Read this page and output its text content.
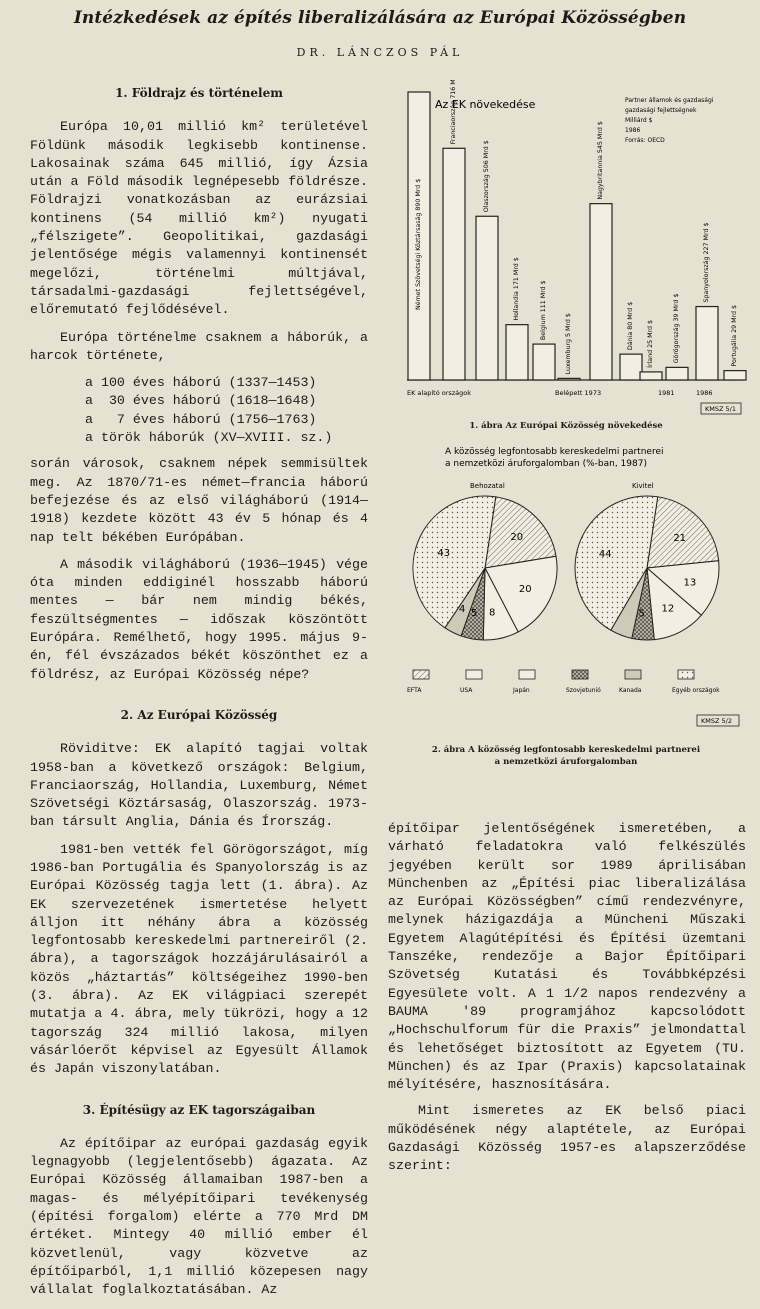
Intézkedések az építés liberalizálására az Európai Közösségben
DR. LÁNCZOS PÁL
1. Földrajz és történelem

Európa 10,01 millió km² területével Földünk második legkisebb kontinense. Lakosainak száma 645 millió, így Ázsia után a Föld második legnépesebb földrésze. Földrajzi vonatkozásban az eurázsiai kontinens (54 millió km²) nyugati „félszigete”. Geopolitikai, gazdasági jelentősége mégis valamennyi kontinensét megelőzi, történelmi múltjával, társadalmi-gazdasági fejlettségével, előremutató fejlődésével.

Európa történelme csaknem a háborúk, a harcok története,

a 100 éves háború (1337—1453)
a  30 éves háború (1618—1648)
a   7 éves háború (1756—1763)
a török háborúk (XV—XVIII. sz.)

során városok, csaknem népek semmisültek meg. Az 1870/71-es német—francia háború befejezése és az első világháború (1914—1918) kezdete között 43 év 5 hónap és 4 nap telt békében Európában.

A második világháború (1936—1945) vége óta minden eddiginél hosszabb háború mentes — bár nem mindig békés, feszültségmentes — időszak köszöntött Európára. Remélhető, hogy 1995. május 9-én, fél évszázados békét köszönthet ez a földrész, az Európai Közösség népe?

2. Az Európai Közösség

Röviditve: EK alapító tagjai voltak 1958-ban a következő országok: Belgium, Franciaország, Hollandia, Luxemburg, Német Szövetségi Köztársaság, Olaszország. 1973-ban társult Anglia, Dánia és Írország.

1981-ben vették fel Görögországot, míg 1986-ban Portugália és Spanyolország is az Európai Közösség tagja lett (1. ábra). Az EK szervezetének ismertetése helyett álljon itt néhány ábra a közösség legfontosabb kereskedelmi partnereiről (2. ábra), a tagországok hozzájárulásairól a közös „háztartás” költségeihez 1990-ben (3. ábra). Az EK világpiaci szerepét mutatja a 4. ábra, mely tükrözi, hogy a 12 tagország 324 millió lakosa, milyen vásárlóerőt képvisel az Egyesült Államok és Japán viszonylatában.

3. Építésügy az EK tagországaiban

Az építőipar az európai gazdaság egyik legnagyobb (legjelentősebb) ágazata. Az Európai Közösség államaiban 1987-ben a magas- és mélyépítőipari tevékenység (építési forgalom) elérte a 770 Mrd DM értéket. Mintegy 40 millió ember él közvetlenül, vagy közvetve az építőiparból, 1,1 millió közepesen nagy vállalat foglalkoztatásában. Az

Az EK növekedése	Partner államok és gazdasági
gazdasági fejlettségnek
Milliárd $
1986
Forrás: OECD
Német Szövetségi Köztársaság 890 Mrd $
Franciaország 716 Mrd $
Olaszország 506 Mrd $
Hollandia 171 Mrd $	Belgium 111 Mrd $
Luxemburg 5 Mrd $
Nagybritannia 545 Mrd $
Dánia 80 Mrd $	Írland 25 Mrd $	Görögország 39 Mrd $
Spanyolország 227 Mrd $
Portugália 29 Mrd $
EK alapító országok	Belépett 1973	1981	1986
KMSZ 5/1
1. ábra Az Európai Közösség növekedése
A közösség legfontosabb kereskedelmi partnerei
a nemzetközi áruforgalomban (%-ban, 1987)
Behozatal
20
20
8
5
4
43
Kivitel
21
13
12
5
44
EFTA	USA	Japán	Szovjetunió	Kanada	Egyéb országok
KMSZ 5/2
2. ábra A közösség legfontosabb kereskedelmi partnerei
a nemzetközi áruforgalomban

építőipar jelentőségének ismeretében, a várható feladatokra való felkészülés jegyében került sor 1989 áprilisában Münchenben az „Építési piac liberalizálása az Európai Közösségben” című rendezvényre, melynek házigazdája a Müncheni Műszaki Egyetem Alagútépítési és Építési üzemtani Tanszéke, rendezője a Bajor Építőipari Szövetség Kutatási és Továbbképzési Egyesülete volt. A 1 1/2 napos rendezvény a BAUMA '89 programjához kapcsolódott „Hochschulforum für die Praxis” jelmondattal és lehetőséget biztosított az Egyetem (TU. München) és az Ipar (Praxis) kapcsolatainak mélyítésére, hasznosítására.

Mint ismeretes az EK belső piaci működésének négy alaptétele, az Európai Gazdasági Közösség 1957-es alapszerződése szerint:
